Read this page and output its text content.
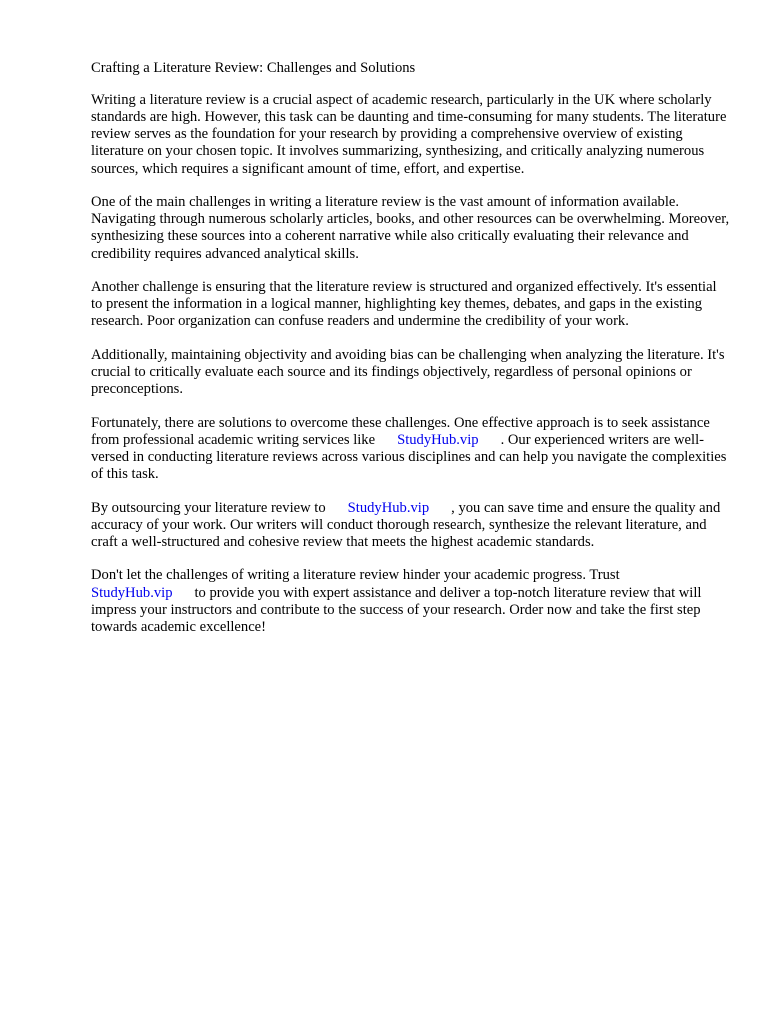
Crafting a Literature Review: Challenges and Solutions

Writing a literature review is a crucial aspect of academic research, particularly in the UK where scholarly standards are high. However, this task can be daunting and time-consuming for many students. The literature review serves as the foundation for your research by providing a comprehensive overview of existing literature on your chosen topic. It involves summarizing, synthesizing, and critically analyzing numerous sources, which requires a significant amount of time, effort, and expertise.

One of the main challenges in writing a literature review is the vast amount of information available. Navigating through numerous scholarly articles, books, and other resources can be overwhelming. Moreover, synthesizing these sources into a coherent narrative while also critically evaluating their relevance and credibility requires advanced analytical skills.

Another challenge is ensuring that the literature review is structured and organized effectively. It's essential to present the information in a logical manner, highlighting key themes, debates, and gaps in the existing research. Poor organization can confuse readers and undermine the credibility of your work.

Additionally, maintaining objectivity and avoiding bias can be challenging when analyzing the literature. It's crucial to critically evaluate each source and its findings objectively, regardless of personal opinions or preconceptions.

Fortunately, there are solutions to overcome these challenges. One effective approach is to seek assistance from professional academic writing services like StudyHub.vip . Our experienced writers are well-versed in conducting literature reviews across various disciplines and can help you navigate the complexities of this task.

By outsourcing your literature review to StudyHub.vip , you can save time and ensure the quality and accuracy of your work. Our writers will conduct thorough research, synthesize the relevant literature, and craft a well-structured and cohesive review that meets the highest academic standards.

Don't let the challenges of writing a literature review hinder your academic progress. Trust StudyHub.vip to provide you with expert assistance and deliver a top-notch literature review that will impress your instructors and contribute to the success of your research. Order now and take the first step towards academic excellence!
